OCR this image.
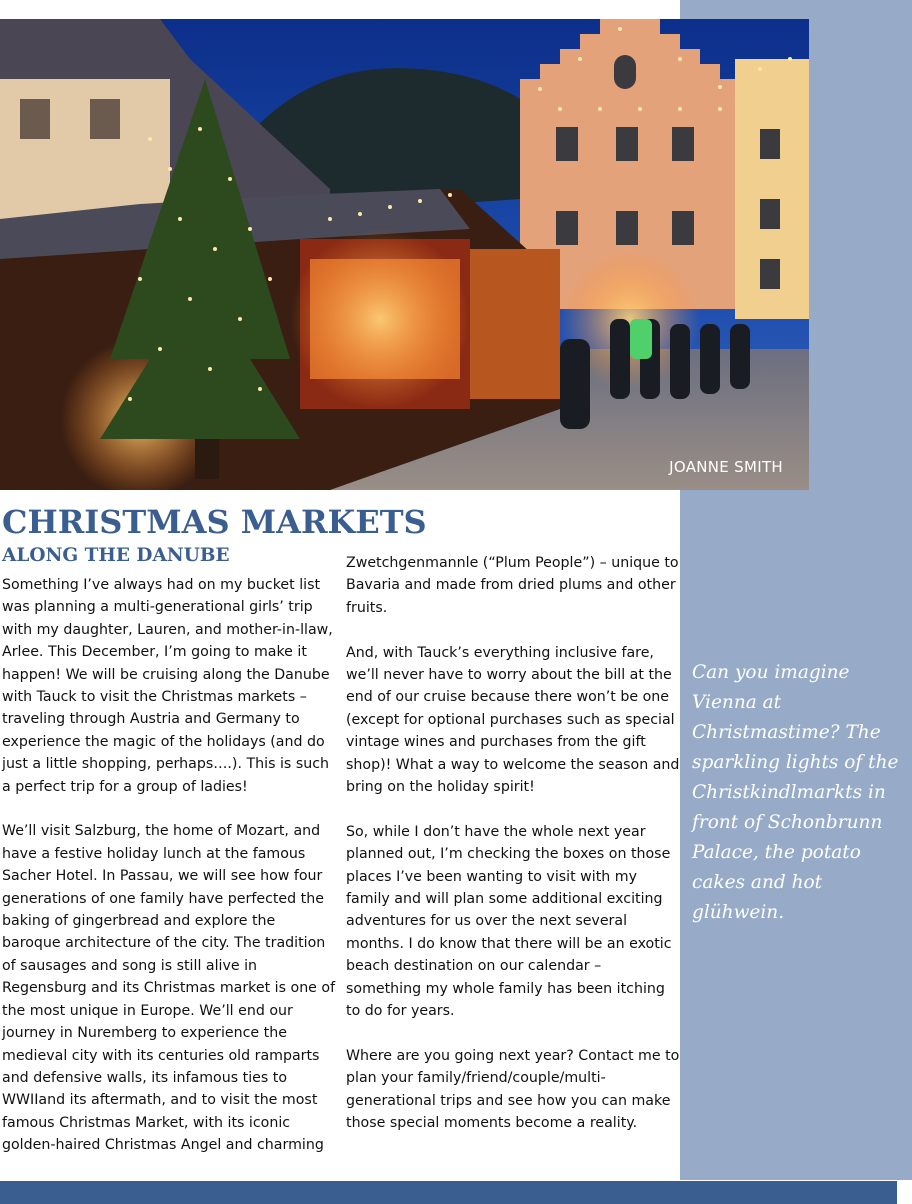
JOANNE SMITH
CHRISTMAS MARKETS
ALONG THE DANUBE

Something I’ve always had on my bucket list was planning a multi-generational girls’ trip with my daughter, Lauren, and mother-in-llaw, Arlee. This December, I’m going to make it happen! We will be cruising along the Danube with Tauck to visit the Christmas markets – traveling through Austria and Germany to experience the magic of the holidays (and do just a little shopping, perhaps….). This is such a perfect trip for a group of ladies!

We’ll visit Salzburg, the home of Mozart, and have a festive holiday lunch at the famous Sacher Hotel. In Passau, we will see how four generations of one family have perfected the baking of gingerbread and explore the baroque architecture of the city. The tradition of sausages and song is still alive in Regensburg and its Christmas market is one of the most unique in Europe. We’ll end our journey in Nuremberg to experience the medieval city with its centuries old ramparts and defensive walls, its infamous ties to WWIIand its aftermath, and to visit the most famous Christmas Market, with its iconic golden-haired Christmas Angel and charming

Zwetchgenmannle (“Plum People”) – unique to Bavaria and made from dried plums and other fruits.

And, with Tauck’s everything inclusive fare, we’ll never have to worry about the bill at the end of our cruise because there won’t be one (except for optional purchases such as special vintage wines and purchases from the gift shop)! What a way to welcome the season and bring on the holiday spirit!

So, while I don’t have the whole next year planned out, I’m checking the boxes on those places I’ve been wanting to visit with my family and will plan some additional exciting adventures for us over the next several

months. I do know that there will be an exotic beach destination on our calendar – something my whole family has been itching to do for years.

Where are you going next year? Contact me to plan your family/friend/couple/multi-generational trips and see how you can make those special moments become a reality.

Can you imagine Vienna at Christmastime? The sparkling lights of the Christkindlmarkts in front of Schonbrunn Palace, the potato cakes and hot glühwein.
